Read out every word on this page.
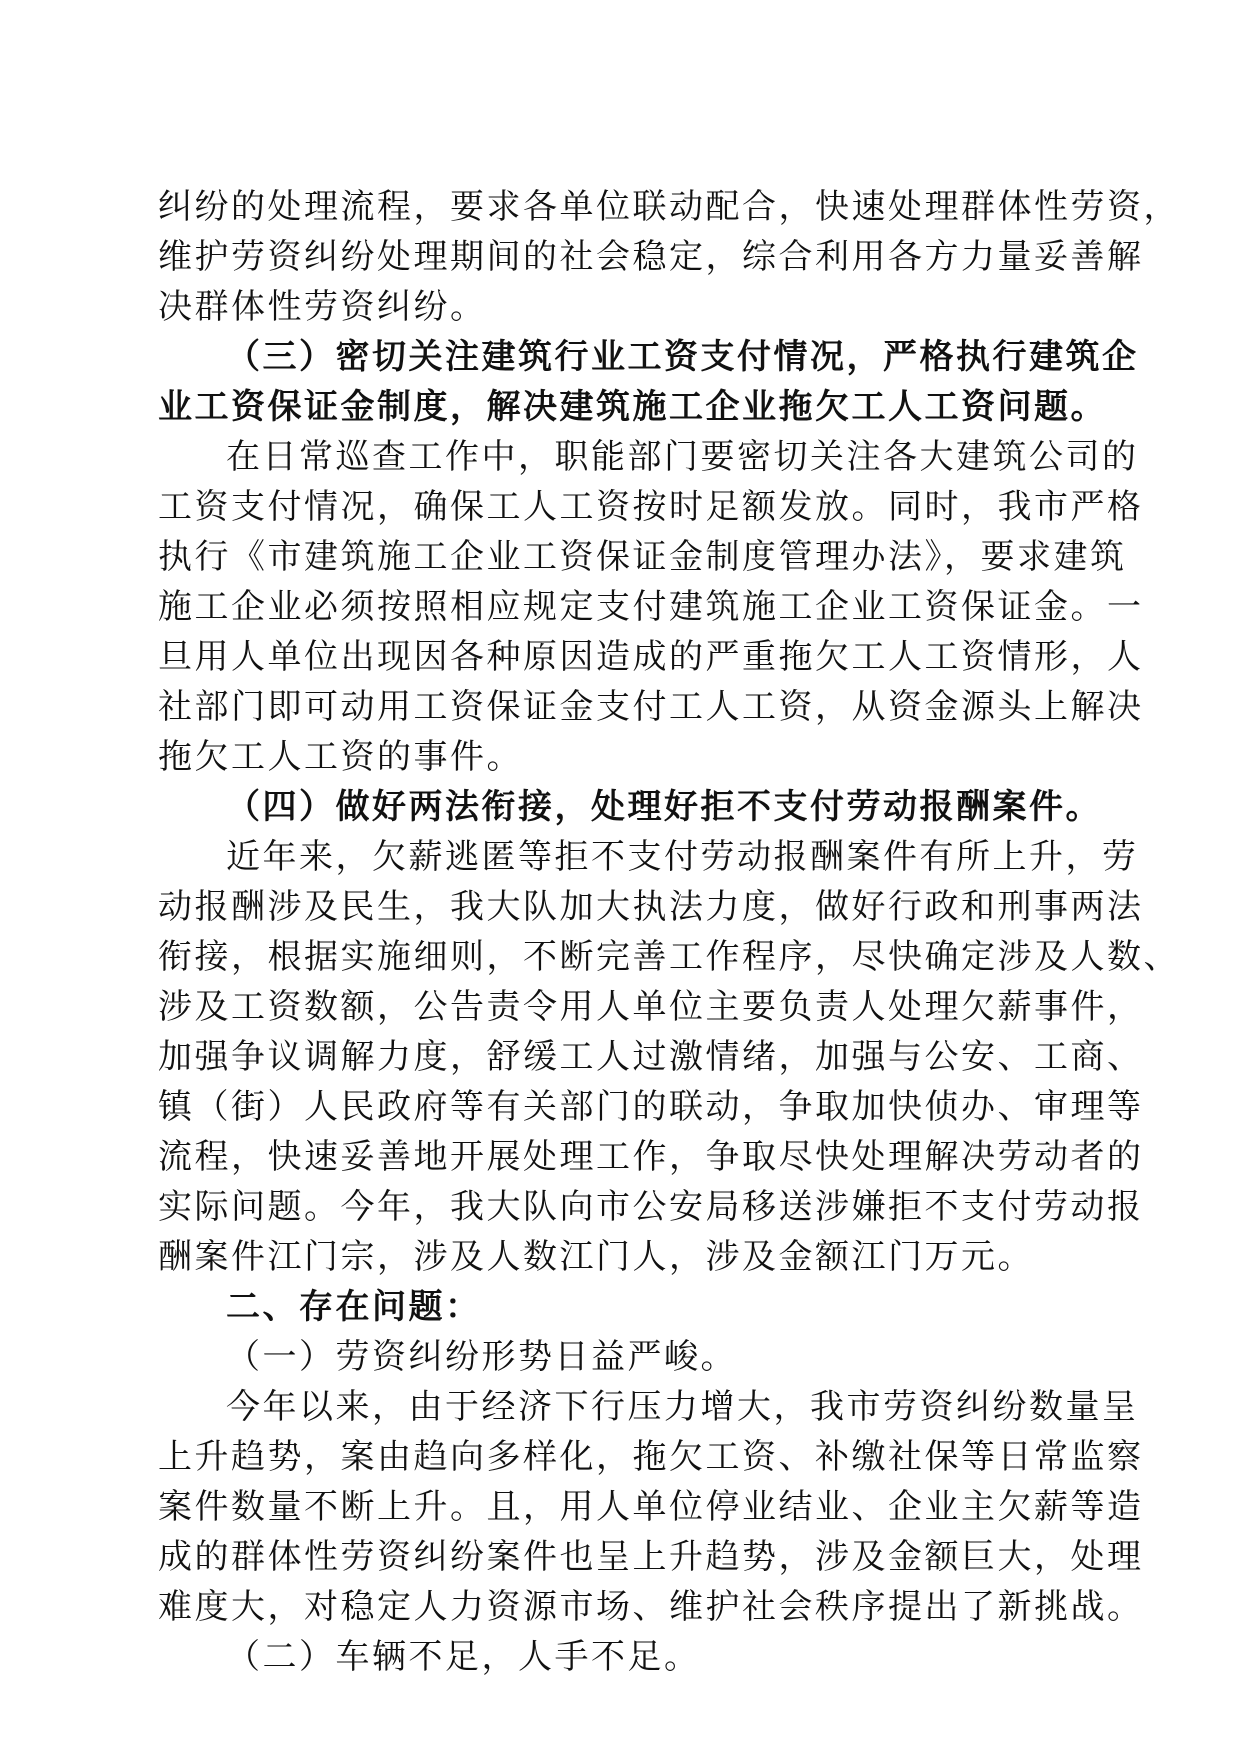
纠纷的处理流程，要求各单位联动配合，快速处理群体性劳资，
维护劳资纠纷处理期间的社会稳定，综合利用各方力量妥善解
决群体性劳资纠纷。
（三）密切关注建筑行业工资支付情况，严格执行建筑企
业工资保证金制度，解决建筑施工企业拖欠工人工资问题。
在日常巡查工作中，职能部门要密切关注各大建筑公司的
工资支付情况，确保工人工资按时足额发放。同时，我市严格
执行《市建筑施工企业工资保证金制度管理办法》，要求建筑
施工企业必须按照相应规定支付建筑施工企业工资保证金。一
旦用人单位出现因各种原因造成的严重拖欠工人工资情形，人
社部门即可动用工资保证金支付工人工资，从资金源头上解决
拖欠工人工资的事件。
（四）做好两法衔接，处理好拒不支付劳动报酬案件。
近年来，欠薪逃匿等拒不支付劳动报酬案件有所上升，劳
动报酬涉及民生，我大队加大执法力度，做好行政和刑事两法
衔接，根据实施细则，不断完善工作程序，尽快确定涉及人数、
涉及工资数额，公告责令用人单位主要负责人处理欠薪事件，
加强争议调解力度，舒缓工人过激情绪，加强与公安、工商、
镇（街）人民政府等有关部门的联动，争取加快侦办、审理等
流程，快速妥善地开展处理工作，争取尽快处理解决劳动者的
实际问题。今年，我大队向市公安局移送涉嫌拒不支付劳动报
酬案件江门宗，涉及人数江门人，涉及金额江门万元。
二、存在问题：
（一）劳资纠纷形势日益严峻。
今年以来，由于经济下行压力增大，我市劳资纠纷数量呈
上升趋势，案由趋向多样化，拖欠工资、补缴社保等日常监察
案件数量不断上升。且，用人单位停业结业、企业主欠薪等造
成的群体性劳资纠纷案件也呈上升趋势，涉及金额巨大，处理
难度大，对稳定人力资源市场、维护社会秩序提出了新挑战。
（二）车辆不足，人手不足。
